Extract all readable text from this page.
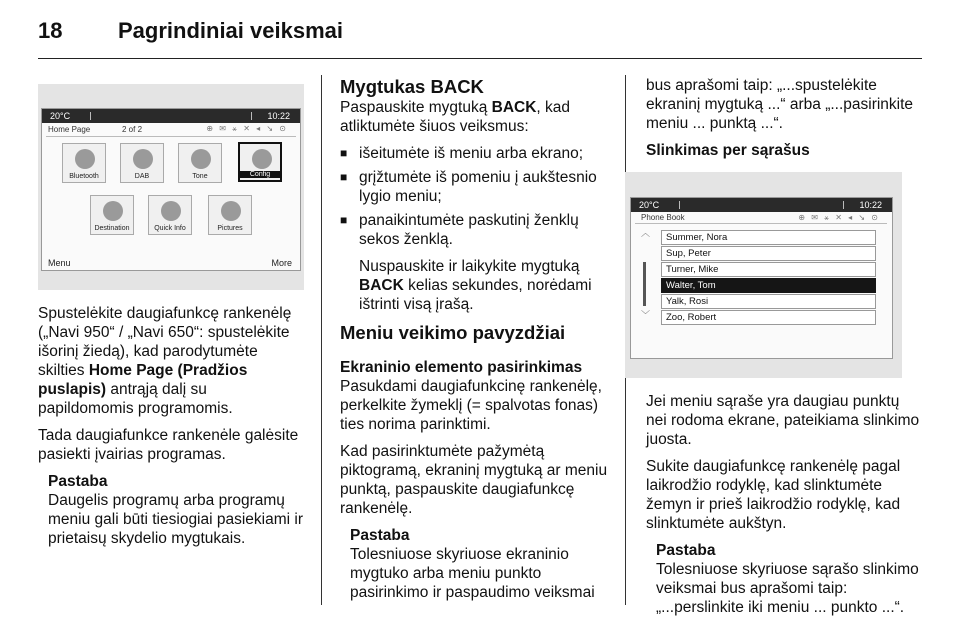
18	Pagrindiniai veiksmai
20°C	10:22
Home Page	2 of 2	⊕ ✉ ⚹ ✕ ◂ ↘ ⊙
Bluetooth	DAB	Tone	Config
Destination	Quick Info	Pictures
Menu	More

Spustelėkite daugiafunkcę rankenėlę („Navi 950“ / „Navi 650“: spustelėkite išorinį žiedą), kad parodytumėte skilties Home Page (Pradžios puslapis) antrąją dalį su papildomomis programomis.

Tada daugiafunkce rankenėle galėsite pasiekti įvairias programas.

Pastaba
Daugelis programų arba programų meniu gali būti tiesiogiai pasiekiami ir prietaisų skydelio mygtukais.
Mygtukas BACK

Paspauskite mygtuką BACK, kad atliktumėte šiuos veiksmus:

■ išeitumėte iš meniu arba ekrano;
■ grįžtumėte iš pomeniu į aukštesnio lygio meniu;
■ panaikintumėte paskutinį ženklų sekos ženklą.

Nuspauskite ir laikykite mygtuką BACK kelias sekundes, norėdami ištrinti visą įrašą.

Meniu veikimo pavyzdžiai
Ekraninio elemento pasirinkimas

Pasukdami daugiafunkcinę rankenėlę, perkelkite žymeklį (= spalvotas fonas) ties norima parinktimi.

Kad pasirinktumėte pažymėtą piktogramą, ekraninį mygtuką ar meniu punktą, paspauskite daugiafunkcę rankenėlę.

Pastaba
Tolesniuose skyriuose ekraninio mygtuko arba meniu punkto pasirinkimo ir paspaudimo veiksmai

bus aprašomi taip: „...spustelėkite ekraninį mygtuką ...“ arba „...pasirinkite meniu ... punktą ...“.

Slinkimas per sąrašus
20°C	10:22
Phone Book	⊕ ✉ ⚹ ✕ ◂ ↘ ⊙
︿
﹀
Summer, Nora
Sup, Peter
Turner, Mike
Walter, Tom
Yalk, Rosi
Zoo, Robert

Jei meniu sąraše yra daugiau punktų nei rodoma ekrane, pateikiama slinkimo juosta.

Sukite daugiafunkcę rankenėlę pagal laikrodžio rodyklę, kad slinktumėte žemyn ir prieš laikrodžio rodyklę, kad slinktumėte aukštyn.

Pastaba
Tolesniuose skyriuose sąrašo slinkimo veiksmai bus aprašomi taip: „...perslinkite iki meniu ... punkto ...“.
